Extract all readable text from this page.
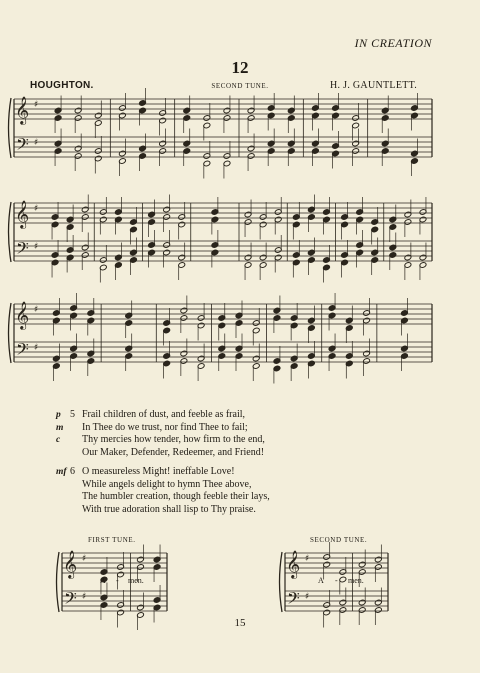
IN CREATION
12
HOUGHTON.	SECOND TUNE.	H. J. GAUNTLETT.
𝄞
𝄢
♯
♯
𝄞
𝄢
♯
♯
𝄞
𝄢
♯
♯
𝄞
𝄢
♯
♯
𝄞
𝄢
♯
♯
p 5 Frail children of dust, and feeble as frail,
m In Thee do we trust, nor find Thee to fail;
c Thy mercies how tender, how firm to the end,
Our Maker, Defender, Redeemer, and Friend!
mf 6 O measureless Might! ineffable Love!
While angels delight to hymn Thee above,
The humbler creation, though feeble their lays,
With true adoration shall lisp to Thy praise.
FIRST TUNE.
A - men.
SECOND TUNE.
A - men.
15
